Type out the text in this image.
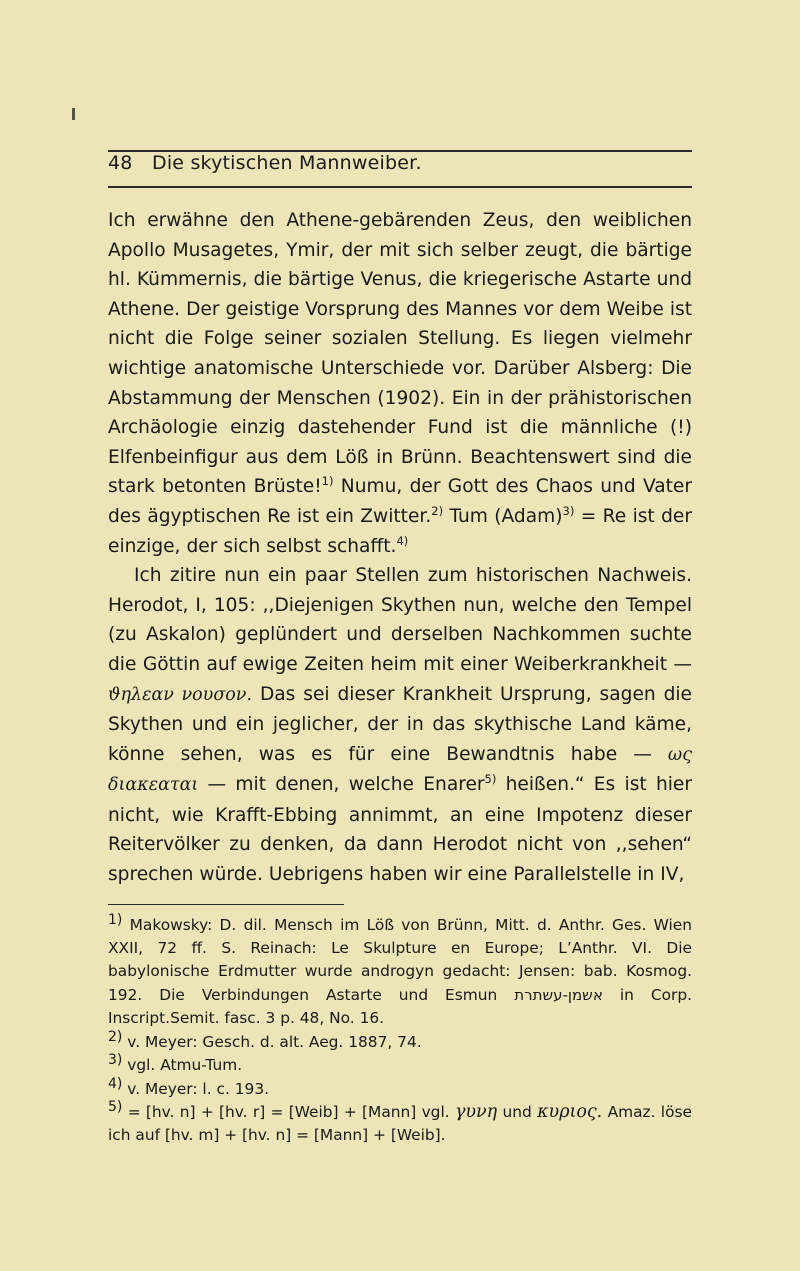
48	Die skytischen Mannweiber.

Ich erwähne den Athene-gebärenden Zeus, den weiblichen Apollo Musagetes, Ymir, der mit sich selber zeugt, die bärtige hl. Kümmernis, die bärtige Venus, die kriegerische Astarte und Athene. Der geistige Vorsprung des Mannes vor dem Weibe ist nicht die Folge seiner sozialen Stellung. Es liegen vielmehr wichtige anatomische Unterschiede vor. Darüber Alsberg: Die Abstammung der Menschen (1902). Ein in der prähistorischen Archäologie einzig dastehender Fund ist die männliche (!) Elfenbeinfigur aus dem Löß in Brünn. Beachtenswert sind die stark betonten Brüste!$^{1)}$ Numu, der Gott des Chaos und Vater des ägyptischen Re ist ein Zwitter.$^{2)}$ Tum (Adam)$^{3)}$ = Re ist der einzige, der sich selbst schafft.$^{4)}$

Ich zitire nun ein paar Stellen zum historischen Nachweis. Herodot, I, 105: ,,Diejenigen Skythen nun, welche den Tempel (zu Askalon) geplündert und derselben Nachkommen suchte die Göttin auf ewige Zeiten heim mit einer Weiberkrankheit — ϑηλεαν νουσον. Das sei dieser Krankheit Ursprung, sagen die Skythen und ein jeglicher, der in das skythische Land käme, könne sehen, was es für eine Bewandtnis habe — ως διακεαται — mit denen, welche Enarer$^{5)}$ heißen.“ Es ist hier nicht, wie Krafft-Ebbing annimmt, an eine Impotenz dieser Reitervölker zu denken, da dann Herodot nicht von ,,sehen“ sprechen würde. Uebrigens haben wir eine Parallelstelle in IV,

1) Makowsky: D. dil. Mensch im Löß von Brünn, Mitt. d. Anthr. Ges. Wien XXII, 72 ff. S. Reinach: Le Skulpture en Europe; L’Anthr. VI. Die babylonische Erdmutter wurde androgyn gedacht: Jensen: bab. Kosmog. 192. Die Verbindungen Astarte und Esmun אשמן-עשתרת in Corp. Inscript.Semit. fasc. 3 p. 48, No. 16.

2) v. Meyer: Gesch. d. alt. Aeg. 1887, 74.

3) vgl. Atmu-Tum.

4) v. Meyer: l. c. 193.

5) = [hv. n] + [hv. r] = [Weib] + [Mann] vgl. γυνη und κυριος. Amaz. löse ich auf [hv. m] + [hv. n] = [Mann] + [Weib].
